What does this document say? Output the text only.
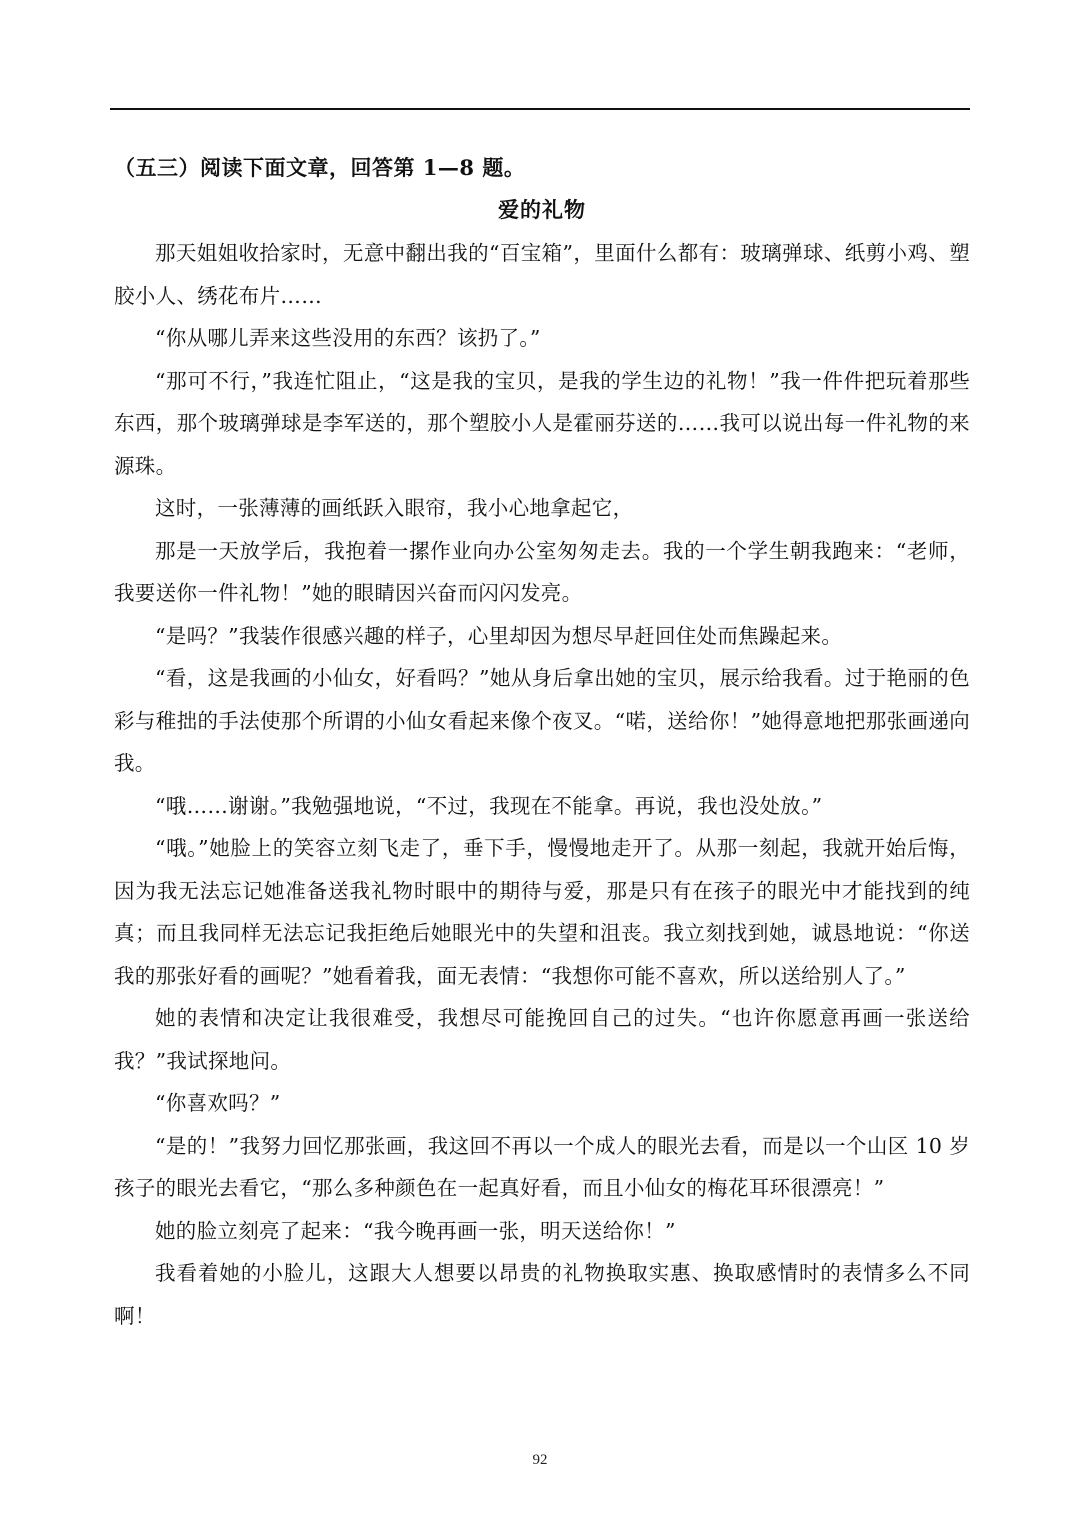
（五三）阅读下面文章，回答第 1—8 题。
爱的礼物

那天姐姐收拾家时，无意中翻出我的“百宝箱”，里面什么都有：玻璃弹球、纸剪小鸡、塑胶小人、绣花布片……

“你从哪儿弄来这些没用的东西？该扔了。”

“那可不行，”我连忙阻止，“这是我的宝贝，是我的学生边的礼物！”我一件件把玩着那些东西，那个玻璃弹球是李军送的，那个塑胶小人是霍丽芬送的……我可以说出每一件礼物的来源珠。

这时，一张薄薄的画纸跃入眼帘，我小心地拿起它，

那是一天放学后，我抱着一摞作业向办公室匆匆走去。我的一个学生朝我跑来：“老师，我要送你一件礼物！”她的眼睛因兴奋而闪闪发亮。

“是吗？”我装作很感兴趣的样子，心里却因为想尽早赶回住处而焦躁起来。

“看，这是我画的小仙女，好看吗？”她从身后拿出她的宝贝，展示给我看。过于艳丽的色彩与稚拙的手法使那个所谓的小仙女看起来像个夜叉。“喏，送给你！”她得意地把那张画递向我。

“哦……谢谢。”我勉强地说，“不过，我现在不能拿。再说，我也没处放。”

“哦。”她脸上的笑容立刻飞走了，垂下手，慢慢地走开了。从那一刻起，我就开始后悔，因为我无法忘记她准备送我礼物时眼中的期待与爱，那是只有在孩子的眼光中才能找到的纯真；而且我同样无法忘记我拒绝后她眼光中的失望和沮丧。我立刻找到她，诚恳地说：“你送我的那张好看的画呢？”她看着我，面无表情：“我想你可能不喜欢，所以送给别人了。”

她的表情和决定让我很难受，我想尽可能挽回自己的过失。“也许你愿意再画一张送给我？”我试探地问。

“你喜欢吗？”

“是的！”我努力回忆那张画，我这回不再以一个成人的眼光去看，而是以一个山区 10 岁孩子的眼光去看它，“那么多种颜色在一起真好看，而且小仙女的梅花耳环很漂亮！”

她的脸立刻亮了起来：“我今晚再画一张，明天送给你！”

我看着她的小脸儿，这跟大人想要以昂贵的礼物换取实惠、换取感情时的表情多么不同啊！

92
